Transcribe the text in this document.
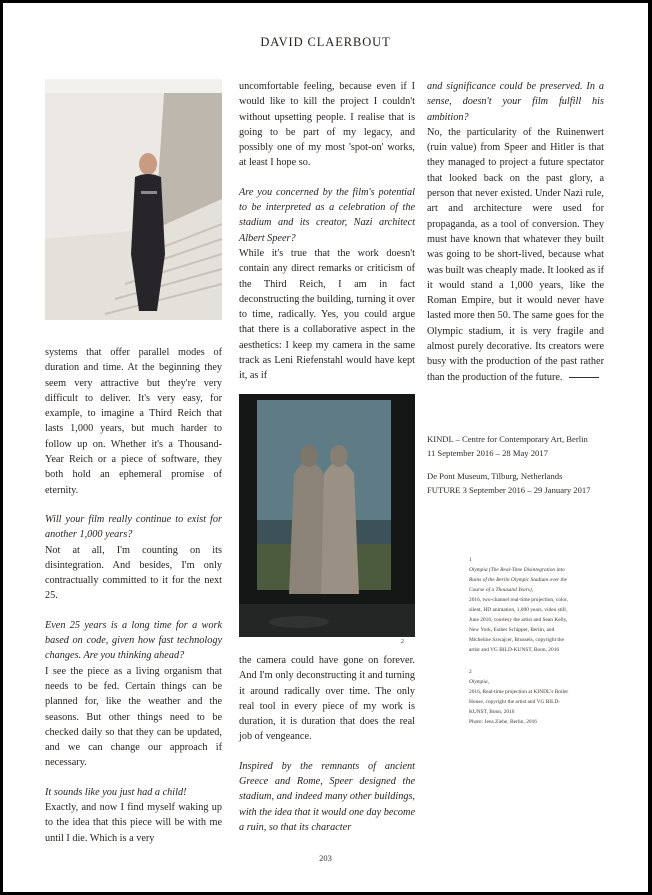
DAVID CLAERBOUT
2

systems that offer parallel modes of duration and time. At the beginning they seem very attractive but they're very difficult to deliver. It's very easy, for example, to imagine a Third Reich that lasts 1,000 years, but much harder to follow up on. Whether it's a Thousand-Year Reich or a piece of software, they both hold an ephemeral promise of eternity.

Will your film really continue to exist for another 1,000 years?

Not at all, I'm counting on its disintegration. And besides, I'm only contractually committed to it for the next 25.

Even 25 years is a long time for a work based on code, given how fast technology changes. Are you thinking ahead?

I see the piece as a living organism that needs to be fed. Certain things can be planned for, like the weather and the seasons. But other things need to be checked daily so that they can be updated, and we can change our approach if necessary.

It sounds like you just had a child!

Exactly, and now I find myself waking up to the idea that this piece will be with me until I die. Which is a very

uncomfortable feeling, because even if I would like to kill the project I couldn't without upsetting people. I realise that is going to be part of my legacy, and possibly one of my most 'spot-on' works, at least I hope so.

Are you concerned by the film's potential to be interpreted as a celebration of the stadium and its creator, Nazi architect Albert Speer?

While it's true that the work doesn't contain any direct remarks or criticism of the Third Reich, I am in fact deconstructing the building, turning it over to time, radically. Yes, you could argue that there is a collaborative aspect in the aesthetics: I keep my camera in the same track as Leni Riefenstahl would have kept it, as if

the camera could have gone on forever. And I'm only deconstructing it and turning it around radically over time. The only real tool in every piece of my work is duration, it is duration that does the real job of vengeance.

Inspired by the remnants of ancient Greece and Rome, Speer designed the stadium, and indeed many other buildings, with the idea that it would one day become a ruin, so that its character

and significance could be preserved. In a sense, doesn't your film fulfill his ambition?

No, the particularity of the Ruinenwert (ruin value) from Speer and Hitler is that they managed to project a future spectator that looked back on the past glory, a person that never existed. Under Nazi rule, art and architecture were used for propaganda, as a tool of conversion. They must have known that whatever they built was going to be short-lived, because what was built was cheaply made. It looked as if it would stand a 1,000 years, like the Roman Empire, but it would never have lasted more then 50. The same goes for the Olympic stadium, it is very fragile and almost purely decorative. Its creators were busy with the production of the past rather than the production of the future.

KINDL – Centre for Contemporary Art, Berlin
11 September 2016 – 28 May 2017
De Pont Museum, Tilburg, Netherlands
FUTURE 3 September 2016 – 29 January 2017
1
Olympia (The Real-Time Disintegration into Ruins of the Berlin Olympic Stadium over the Course of a Thousand Years),
2016, two-channel real-time projection, color, silent, HD animation, 1,000 years, video still, June 2016, courtesy the artist and Sean Kelly, New York, Esther Schipper, Berlin, and Micheline Szwajcer, Brussels, copyright the artist and VG BILD-KUNST, Bonn, 2016
2
Olympia,
2016, Real-time projection at KINDL's Boiler House, copyright the artist and VG BILD-KUNST, Bonn, 2016
Photo: Jens Ziehe, Berlin, 2016
203
